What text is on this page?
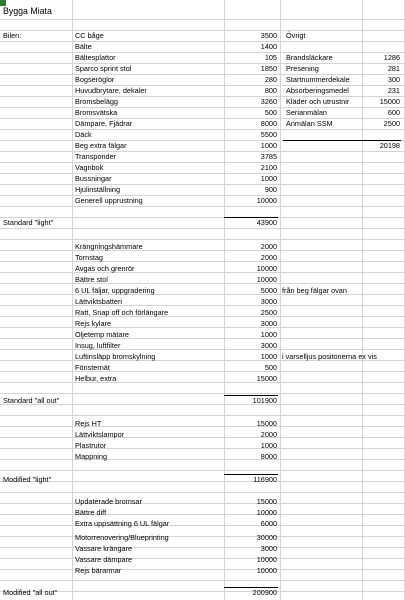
Bygga Miata
Bilen:	CC båge	3500
Bälte	1400
Bältesplattor	105
Sparco sprint stol	1850
Bogseröglor	280
Huvudbrytare, dekaler	800
Bromsbelägg	3260
Bromsvätska	500
Dämpare, Fjädrar	8000
Däck	5500
Beg extra fälgar	1000
Transponder	3785
Vagnbok	2100
Bussningar	1000
Hjulinställning	900
Generell upprustning	10000
Övrigt
Brandsläckare	1286
Presening	281
Startnummerdekale	300
Absorberingsmedel	231
Kläder och utrustnir	15000
Serianmälan	600
Anmälan SSM	2500
20198
Standard "light"	43900
Krängningshämmare	2000
Tornstag	2000
Avgas och grenrör	10000
Bättre stol	10000
6 UL fäljar, uppgradering	5000 från beg fälgar ovan
Lättviktsbatteri	3000
Ratt, Snap off och förlängare	2500
Rejs kylare	3000
Oljetemp mätare	1000
Insug, luftfilter	3000
Luftinsläpp bromskylning	1000 i varselljus positonerna ex vis
Fönsternät	500
Helbur, extra	15000
Standard "all out"	101900
Rejs HT	15000
Lättviktslampor	2000
Plastrutor	1000
Mappning	8000
Modified "light"	116900
Updaterade bromsar	15000
Bättre diff	10000
Extra uppsättning 6 UL fälgar	6000
Motorrenovering/Blueprinting	30000
Vassare krängare	3000
Vassare dämpare	10000
Rejs bärarmar	10000
Modified "all out"	200900
